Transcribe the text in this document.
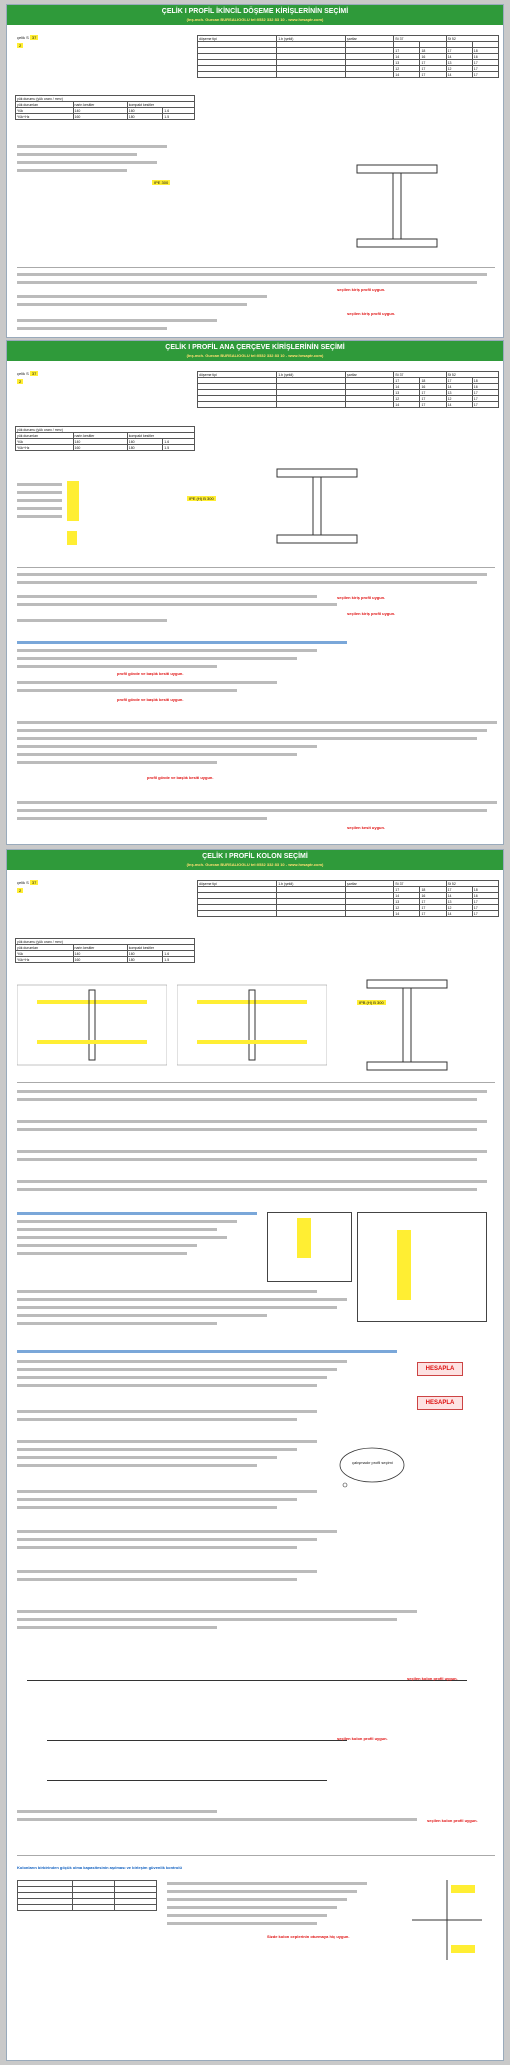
ÇELİK I PROFİL İKİNCİL DÖŞEME KİRİŞLERİNİN SEÇİMİ
(Inş.mch. Gurcan BURSALIOGLU tel:0532 332 83 10 - www.hesaptr.com)
çelik S 37
2
döşeme tipi	1.b (şekil)	şartlar	St 37		St 52	

			17	18	17	18
			14	16	14	16
			13	17	13	17
			12	17	12	17
			14	17	14	17
yük durumu (yük oranı / mm²)			
yük durumları	narin kesitler	kompakt kesitler	
Yük	140	160	1.6
Yük+Hz	160	180	1.5
IPE 300
seçilen kiriş profil uygun.
seçilen kiriş profil uygun.
ÇELİK I PROFİL ANA ÇERÇEVE KİRİŞLERİNİN SEÇİMİ
(Inş.mch. Gurcan BURSALIOGLU tel:0532 332 83 10 - www.hesaptr.com)
çelik S 37
2
döşeme tipi	1.b (şekil)	şartlar	St 37		St 52	
			17	18	17	18
			14	16	14	16
			13	17	13	17
			12	17	12	17
			14	17	14	17
yük durumu (yük oranı / mm²)			
yük durumları	narin kesitler	kompakt kesitler	
Yük	140	160	1.6
Yük+Hz	160	180	1.5
IPE (H) B 300
seçilen kiriş profil uygun.
seçilen kiriş profil uygun.
profil gövde ve başlık kesiti uygun.
profil gövde ve başlık kesiti uygun.
profil gövde ve başlık kesiti uygun.
seçilen kesit uygun.
ÇELİK I PROFİL KOLON SEÇİMİ
(Inş.mch. Gurcan BURSALIOGLU tel:0532 332 83 10 - www.hesaptr.com)
çelik S 37
2
döşeme tipi	1.b (şekil)	şartlar	St 37		St 52	
			17	18	17	18
			14	16	14	16
			13	17	13	17
			12	17	12	17
			14	17	14	17
yük durumu (yük oranı / mm²)			
yük durumları	narin kesitler	kompakt kesitler	
Yük	140	160	1.6
Yük+Hz	160	180	1.5
IPB (H) B 300
HESAPLA
HESAPLA
çalışmadır profil seçimi
seçilen kolon profil uygun.
seçilen kolon profil uygun.
seçilen kolon profil uygun.
Kolonların birbirinden göçük olma kapasitesinin aşılması ve birleşim güvenlik kontrolü

Sizde kolon ceplerinin oturmaya hiç uygun.
